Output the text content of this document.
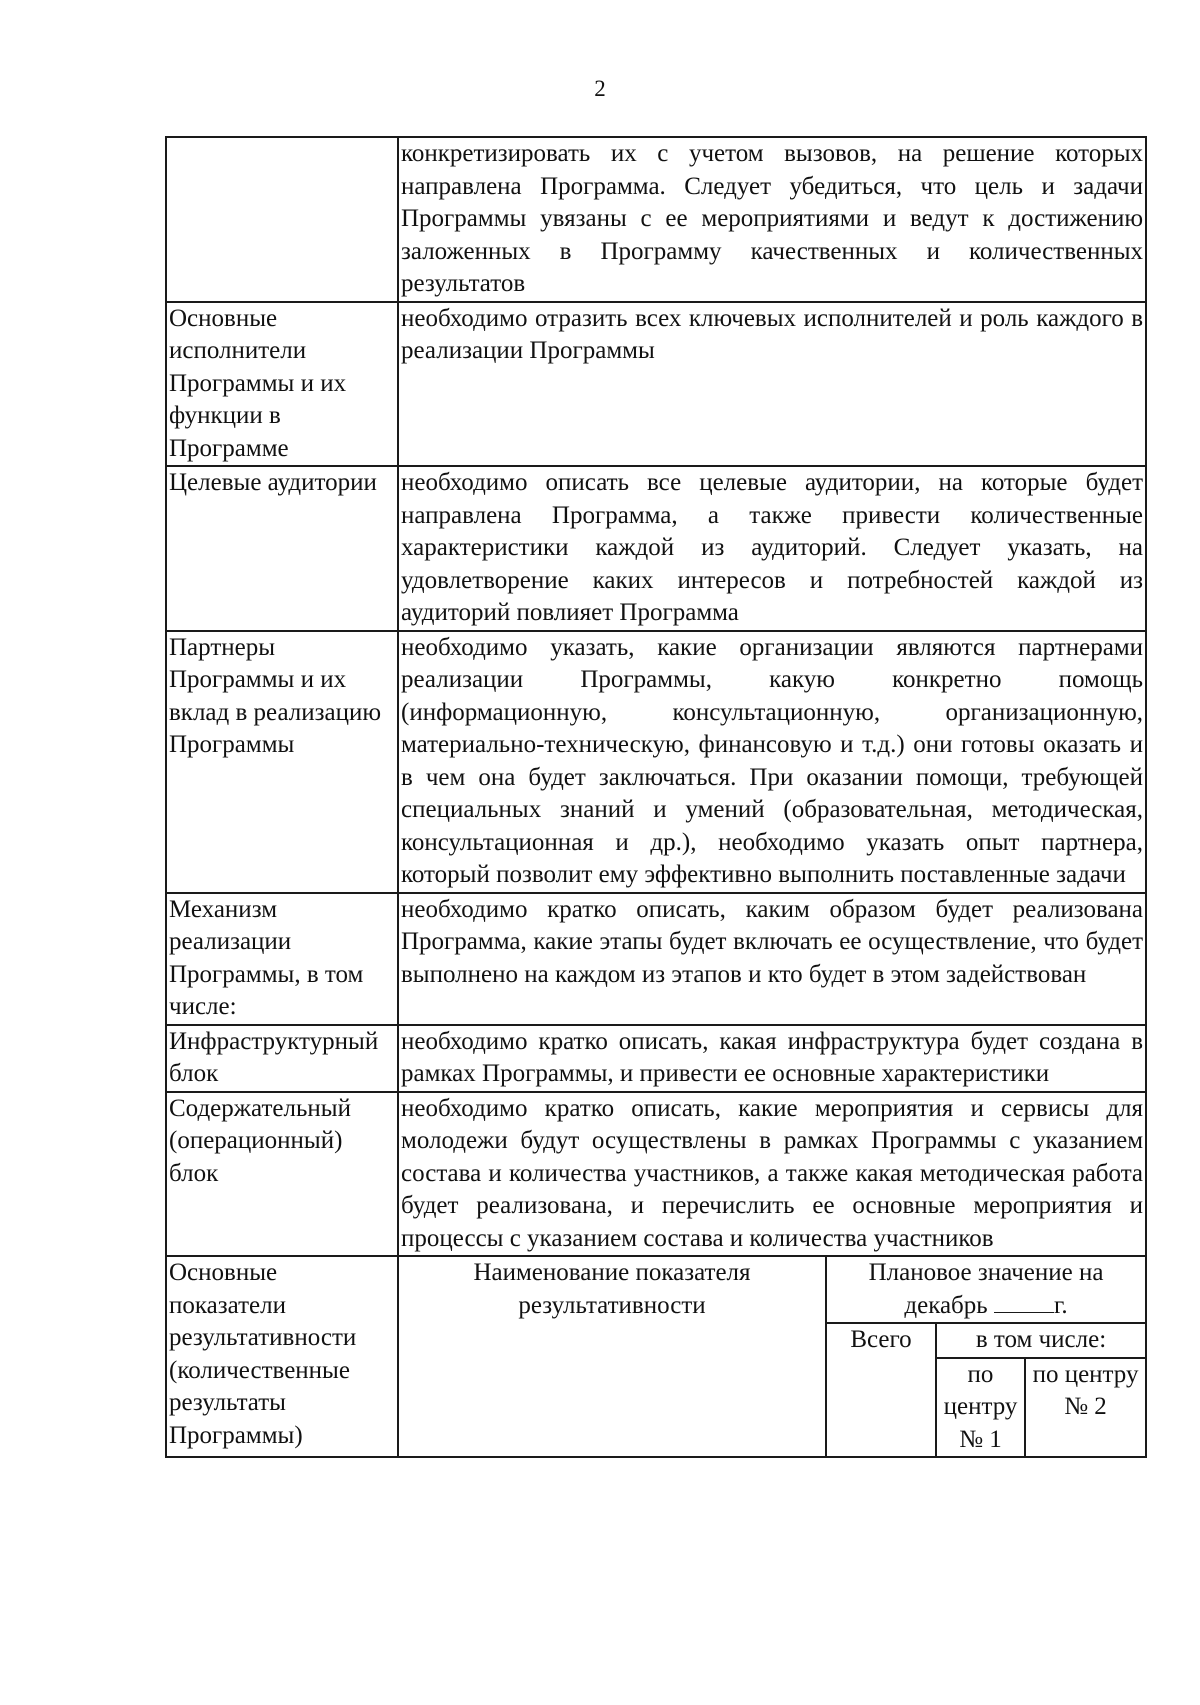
2
	конкретизировать их с учетом вызовов, на решение которых направлена Программа. Следует убедиться, что цель и задачи Программы увязаны с ее мероприятиями и ведут к достижению заложенных в Программу качественных и количественных результатов			
Основные исполнители Программы и их функции в Программе	необходимо отразить всех ключевых исполнителей и роль каждого в реализации Программы			
Целевые аудитории	необходимо описать все целевые аудитории, на которые будет направлена Программа, а также привести количественные характеристики каждой из аудиторий. Следует указать, на удовлетворение каких интересов и потребностей каждой из аудиторий повлияет Программа			
Партнеры Программы и их вклад в реализацию Программы	необходимо указать, какие организации являются партнерами реализации Программы, какую конкретно помощь (информационную, консультационную, организационную, материально-техническую, финансовую и т.д.) они готовы оказать и в чем она будет заключаться. При оказании помощи, требующей специальных знаний и умений (образовательная, методическая, консультационная и др.), необходимо указать опыт партнера, который позволит ему эффективно выполнить поставленные задачи			
Механизм реализации Программы, в том числе:	необходимо кратко описать, каким образом будет реализована Программа, какие этапы будет включать ее осуществление, что будет выполнено на каждом из этапов и кто будет в этом задействован			
Инфраструктурный блок	необходимо кратко описать, какая инфраструктура будет создана в рамках Программы, и привести ее основные характеристики			
Содержательный (операционный) блок	необходимо кратко описать, какие мероприятия и сервисы для молодежи будут осуществлены в рамках Программы с указанием состава и количества участников, а также какая методическая работа будет реализована, и перечислить ее основные мероприятия и процессы с указанием состава и количества участников			
Основные показатели результативности (количественные результаты Программы)	Наименование показателя результативности	Плановое значение на декабрь г.		
		Всего	в том числе:	
			по центру № 1	по центру № 2
